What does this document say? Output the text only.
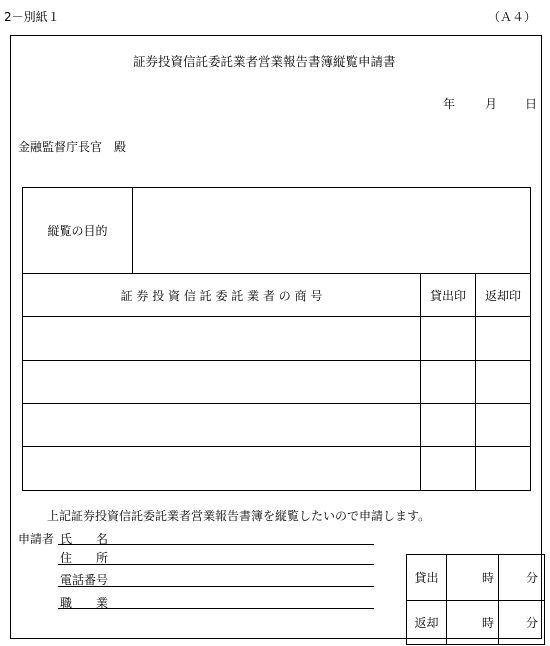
2－別紙１	（Ａ４）
証券投資信託委託業者営業報告書簿縦覧申請書
年 月 日
金融監督庁長官　殿
縦覧の目的			
証 券 投 資 信 託 委 託 業 者 の 商 号		貸出印	返却印

上記証券投資信託委託業者営業報告書簿を縦覧したいので申請します。
申請者 氏　　名
住　　所
電話番号
職　　業
貸出	時	分
返却	時	分
